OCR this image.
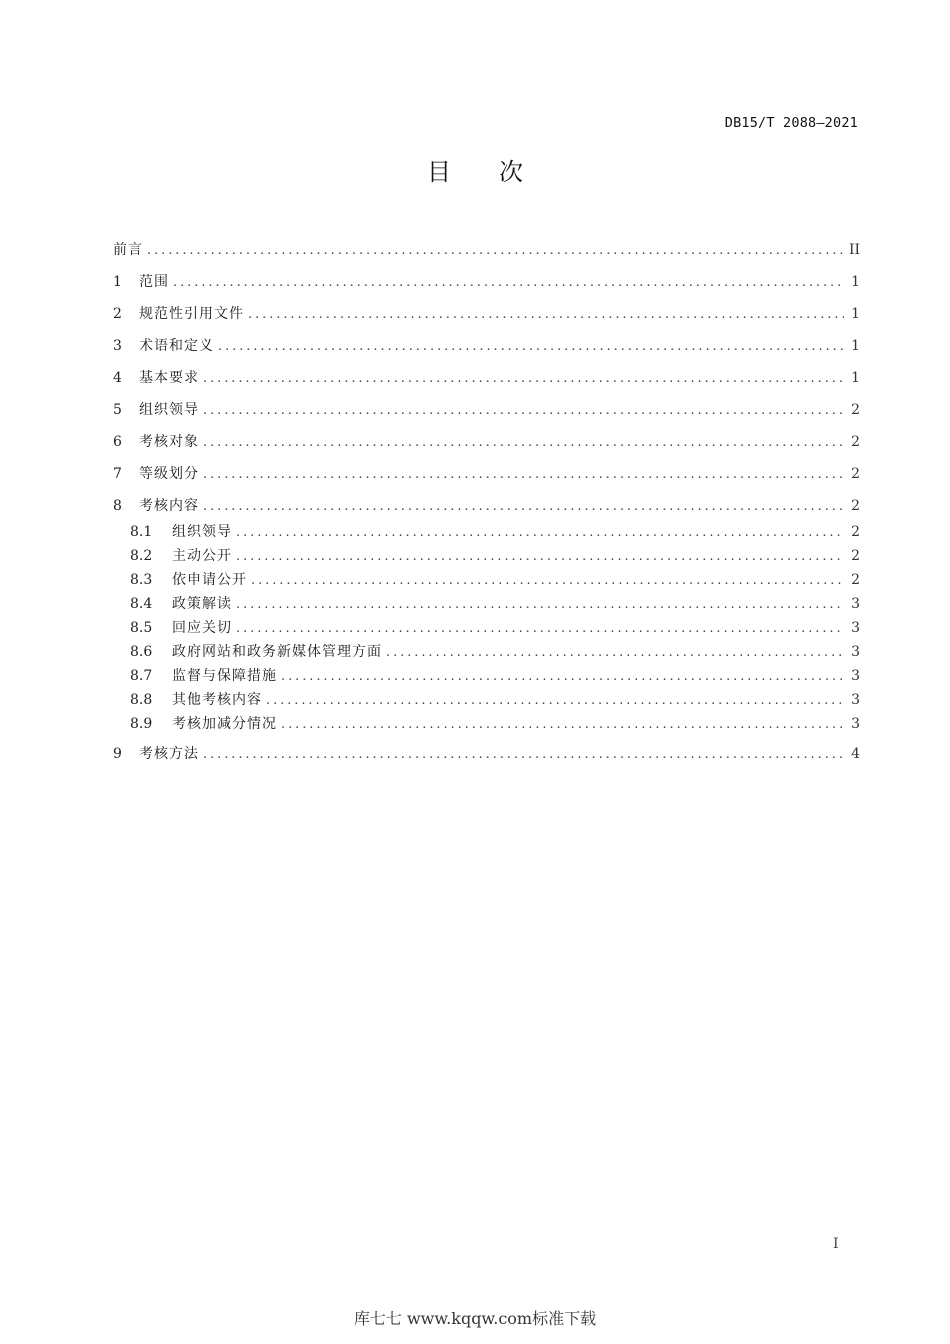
DB15/T 2088—2021
目 次
前言 . . .	II
1	范围 . . .	1
2	规范性引用文件 . . .	1
3	术语和定义 . . .	1
4	基本要求 . . .	1
5	组织领导 . . .	2
6	考核对象 . . .	2
7	等级划分 . . .	2
8	考核内容 . . .	2
8.1	组织领导 . . .	2
8.2	主动公开 . . .	2
8.3	依申请公开 . . .	2
8.4	政策解读 . . .	3
8.5	回应关切 . . .	3
8.6	政府网站和政务新媒体管理方面 . . .	3
8.7	监督与保障措施 . . .	3
8.8	其他考核内容 . . .	3
8.9	考核加减分情况 . . .	3
9	考核方法 . . .	4
I
库七七 www.kqqw.com标准下载
